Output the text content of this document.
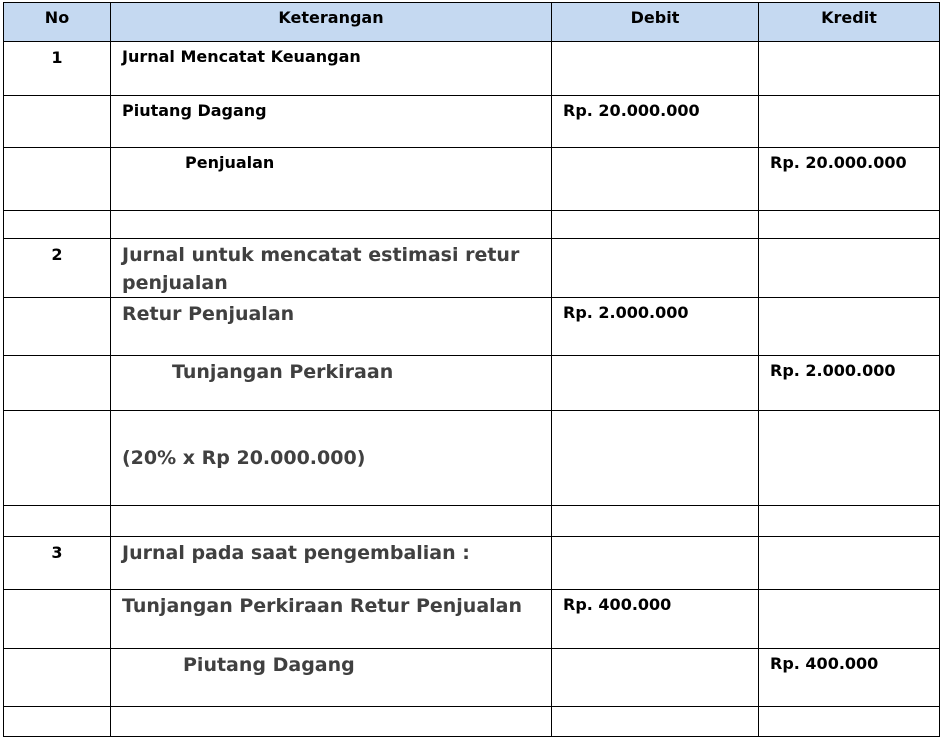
No	Keterangan	Debit	Kredit
1	Jurnal Mencatat Keuangan		
	Piutang Dagang	Rp. 20.000.000	
	Penjualan		Rp. 20.000.000

2	Jurnal untuk mencatat estimasi retur penjualan		
	Retur Penjualan	Rp. 2.000.000	
	Tunjangan Perkiraan		Rp. 2.000.000
	(20% x Rp 20.000.000)		

3	Jurnal pada saat pengembalian :		
	Tunjangan Perkiraan Retur Penjualan	Rp. 400.000	
	Piutang Dagang		Rp. 400.000
